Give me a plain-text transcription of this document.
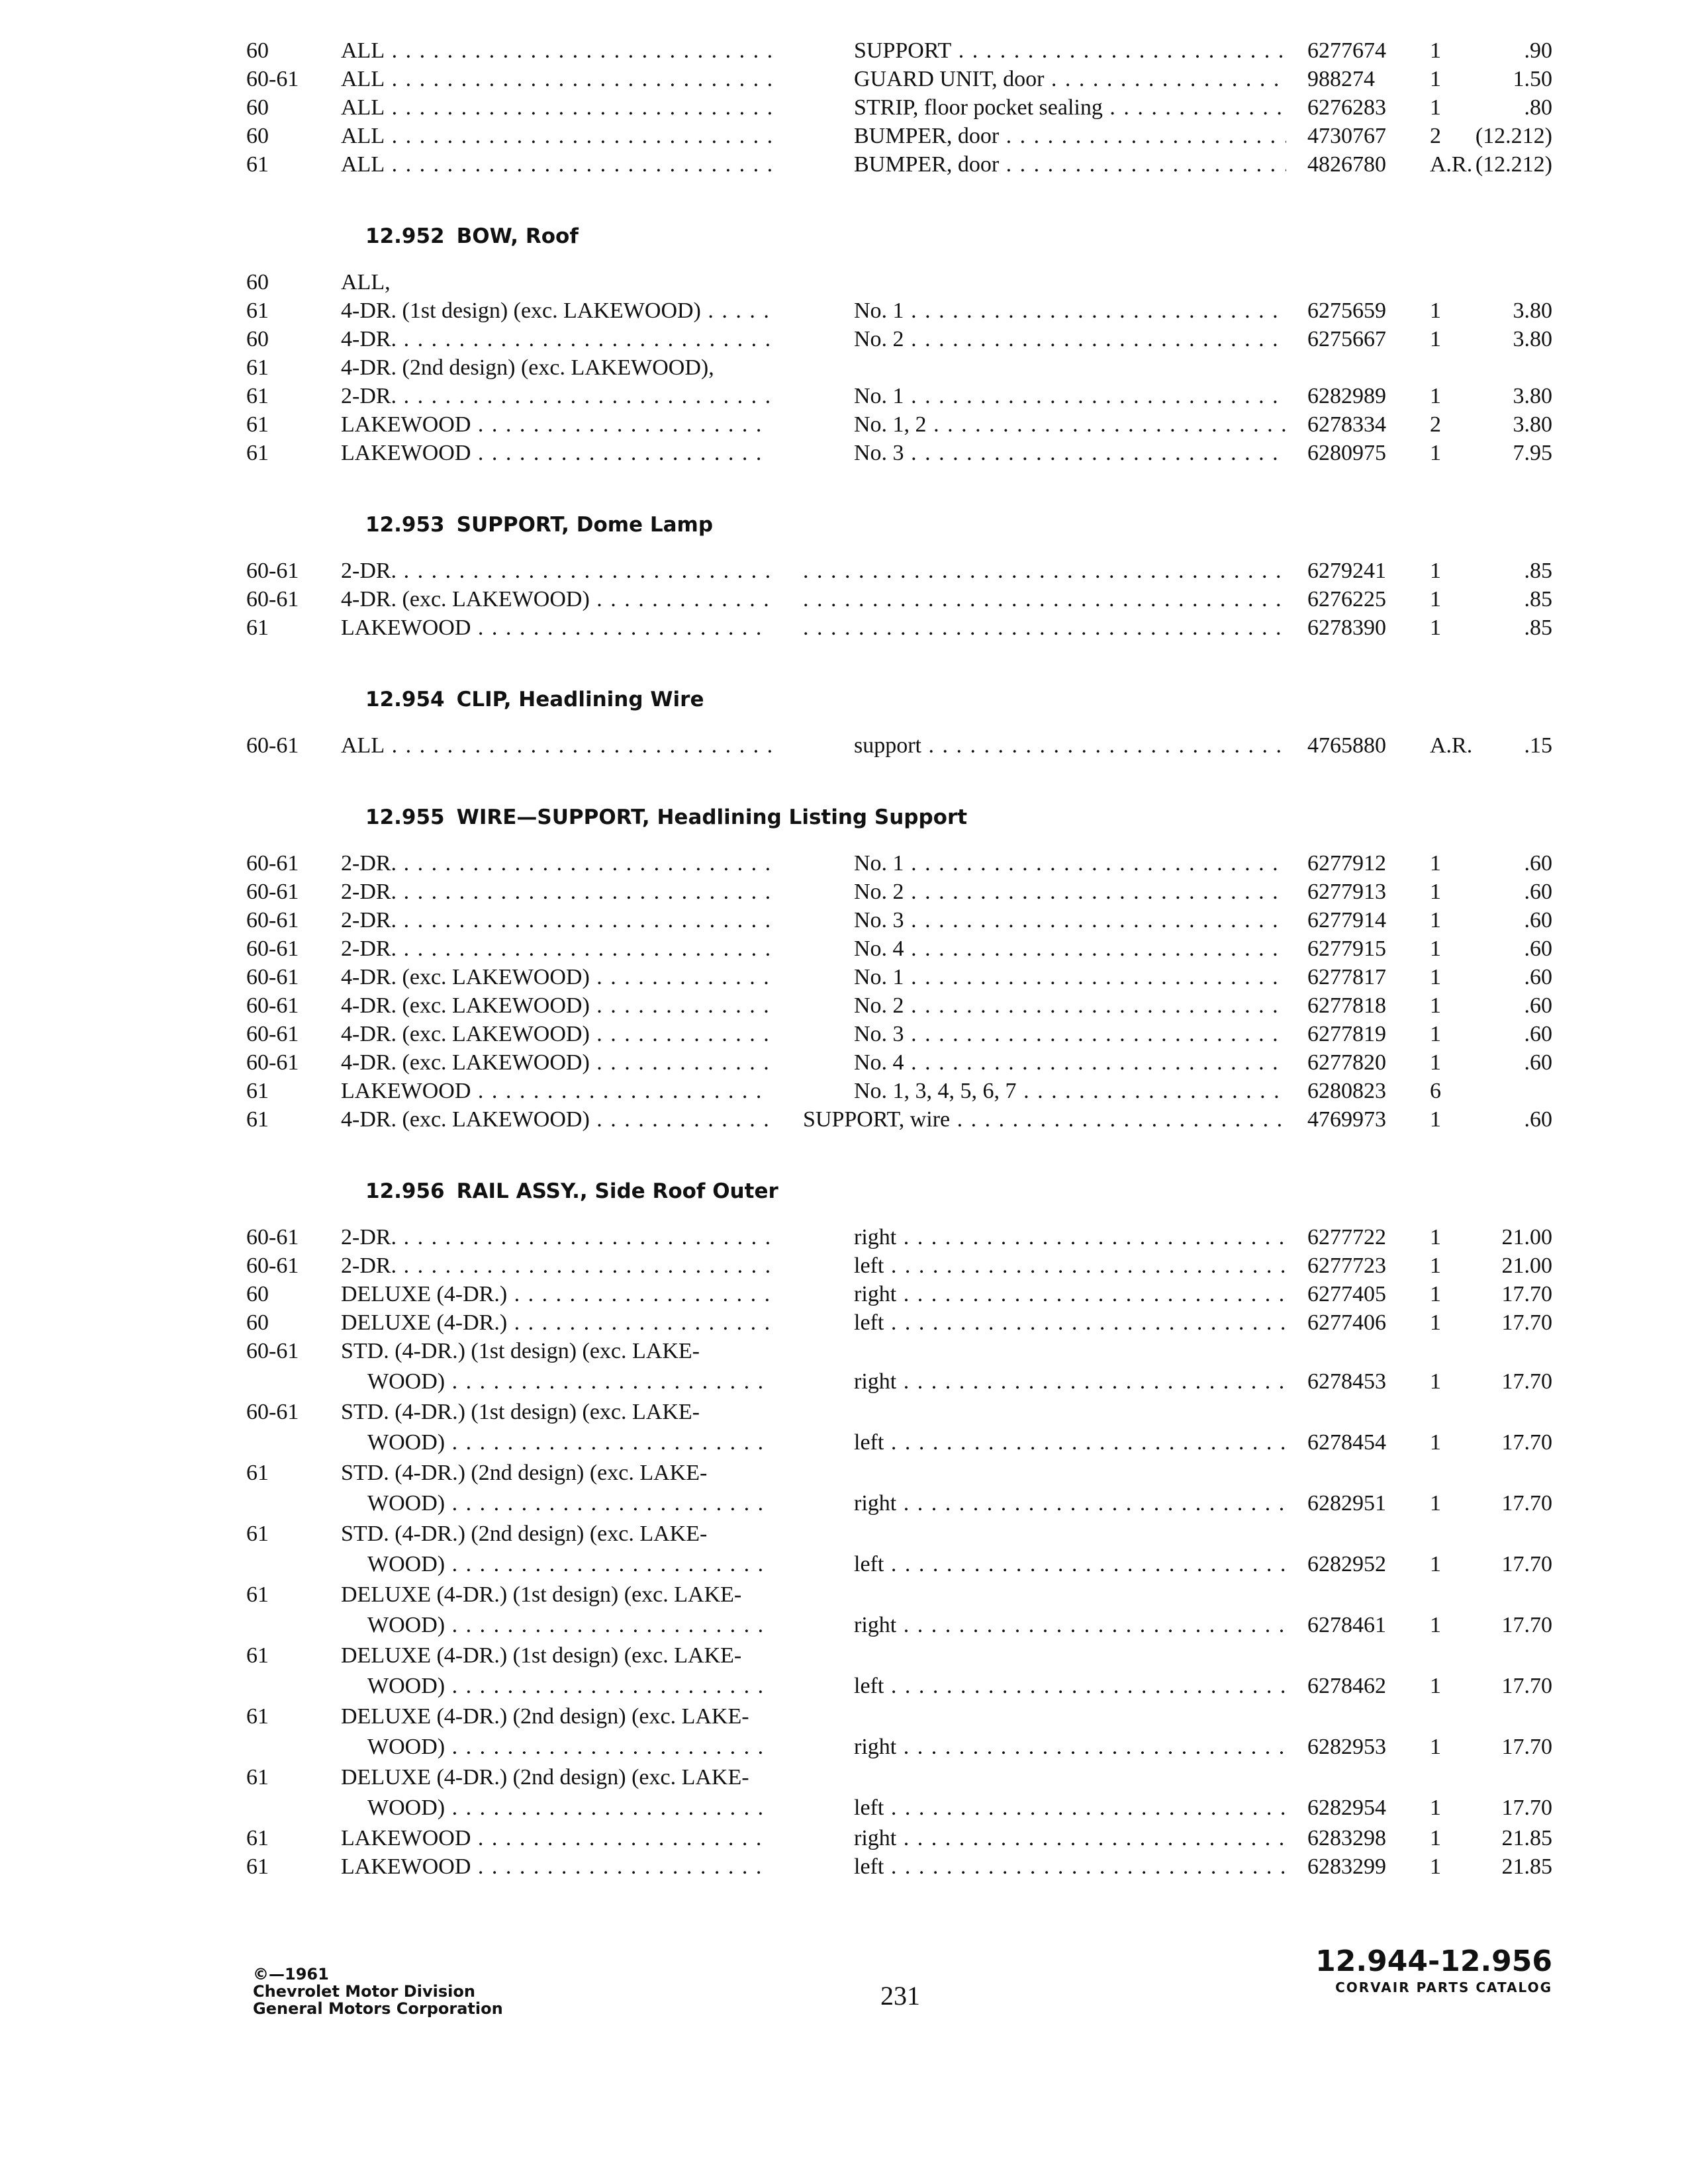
60	ALL . . .	SUPPORT . . .	6277674 1	.90
60-61 ALL . . .	GUARD UNIT, door . . .	988274 1	1.50
60	ALL . . .	STRIP, floor pocket sealing . . .	6276283 1	.80
60	ALL . . .	BUMPER, door . . .	4730767 2	(12.212)
61	ALL . . .	BUMPER, door . . .	4826780 A.R. (12.212)
12.952 BOW, Roof
60	ALL,
61	4-DR. (1st design) (exc. LAKEWOOD) . . .	No. 1 . . .	6275659 1	3.80
60	4-DR. . . .	No. 2 . . .	6275667 1	3.80
61	4-DR. (2nd design) (exc. LAKEWOOD),
61	2-DR. . . .	No. 1 . . .	6282989 1	3.80
61	LAKEWOOD . . .	No. 1, 2 . . .	6278334 2	3.80
61	LAKEWOOD . . .	No. 3 . . .	6280975 1	7.95
12.953 SUPPORT, Dome Lamp
60-61 2-DR. . . . . . .	6279241 1	.85
60-61 4-DR. (exc. LAKEWOOD) . . . . . .	6276225 1	.85
61	LAKEWOOD . . . . . .	6278390 1	.85
12.954 CLIP, Headlining Wire
60-61 ALL . . .	support . . .	4765880 A.R.	.15
12.955 WIRE—SUPPORT, Headlining Listing Support
60-61 2-DR. . . .	No. 1 . . .	6277912 1	.60
60-61 2-DR. . . .	No. 2 . . .	6277913 1	.60
60-61 2-DR. . . .	No. 3 . . .	6277914 1	.60
60-61 2-DR. . . .	No. 4 . . .	6277915 1	.60
60-61 4-DR. (exc. LAKEWOOD) . . .	No. 1 . . .	6277817 1	.60
60-61 4-DR. (exc. LAKEWOOD) . . .	No. 2 . . .	6277818 1	.60
60-61 4-DR. (exc. LAKEWOOD) . . .	No. 3 . . .	6277819 1	.60
60-61 4-DR. (exc. LAKEWOOD) . . .	No. 4 . . .	6277820 1	.60
61	LAKEWOOD . . .	No. 1, 3, 4, 5, 6, 7 . . .	6280823 6
61	4-DR. (exc. LAKEWOOD) . . .	SUPPORT, wire . . .	4769973 1	.60
12.956 RAIL ASSY., Side Roof Outer
60-61 2-DR. . . .	right . . .	6277722 1	21.00
60-61 2-DR. . . .	left . . .	6277723 1	21.00
60	DELUXE (4-DR.) . . .	right . . .	6277405 1	17.70
60	DELUXE (4-DR.) . . .	left . . .	6277406 1	17.70
60-61 STD. (4-DR.) (1st design) (exc. LAKE-
WOOD) . . .	right . . .	6278453 1	17.70
60-61 STD. (4-DR.) (1st design) (exc. LAKE-
WOOD) . . .	left . . .	6278454 1	17.70
61	STD. (4-DR.) (2nd design) (exc. LAKE-
WOOD) . . .	right . . .	6282951 1	17.70
61	STD. (4-DR.) (2nd design) (exc. LAKE-
WOOD) . . .	left . . .	6282952 1	17.70
61	DELUXE (4-DR.) (1st design) (exc. LAKE-
WOOD) . . .	right . . .	6278461 1	17.70
61	DELUXE (4-DR.) (1st design) (exc. LAKE-
WOOD) . . .	left . . .	6278462 1	17.70
61	DELUXE (4-DR.) (2nd design) (exc. LAKE-
WOOD) . . .	right . . .	6282953 1	17.70
61	DELUXE (4-DR.) (2nd design) (exc. LAKE-
WOOD) . . .	left . . .	6282954 1	17.70
61	LAKEWOOD . . .	right . . .	6283298 1	21.85
61	LAKEWOOD . . .	left . . .	6283299 1	21.85
©—1961
Chevrolet Motor Division
General Motors Corporation	231
12.944-12.956
CORVAIR PARTS CATALOG
